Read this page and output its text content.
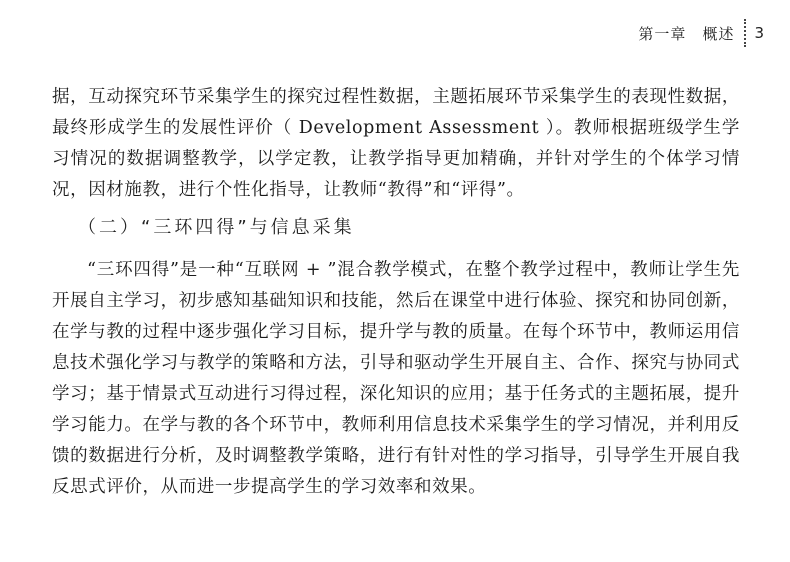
第一章 概述 3
据，互动探究环节采集学生的探究过程性数据，主题拓展环节采集学生的表现性数据，最终形成学生的发展性评价（ Development Assessment ）。教师根据班级学生学习情况的数据调整教学，以学定教，让教学指导更加精确，并针对学生的个体学习情况，因材施教，进行个性化指导，让教师“教得”和“评得”。
（二）“三环四得”与信息采集
“三环四得”是一种“互联网 + ”混合教学模式，在整个教学过程中，教师让学生先开展自主学习，初步感知基础知识和技能，然后在课堂中进行体验、探究和协同创新，在学与教的过程中逐步强化学习目标，提升学与教的质量。在每个环节中，教师运用信息技术强化学习与教学的策略和方法，引导和驱动学生开展自主、合作、探究与协同式学习；基于情景式互动进行习得过程，深化知识的应用；基于任务式的主题拓展，提升学习能力。在学与教的各个环节中，教师利用信息技术采集学生的学习情况，并利用反馈的数据进行分析，及时调整教学策略，进行有针对性的学习指导，引导学生开展自我反思式评价，从而进一步提高学生的学习效率和效果。
